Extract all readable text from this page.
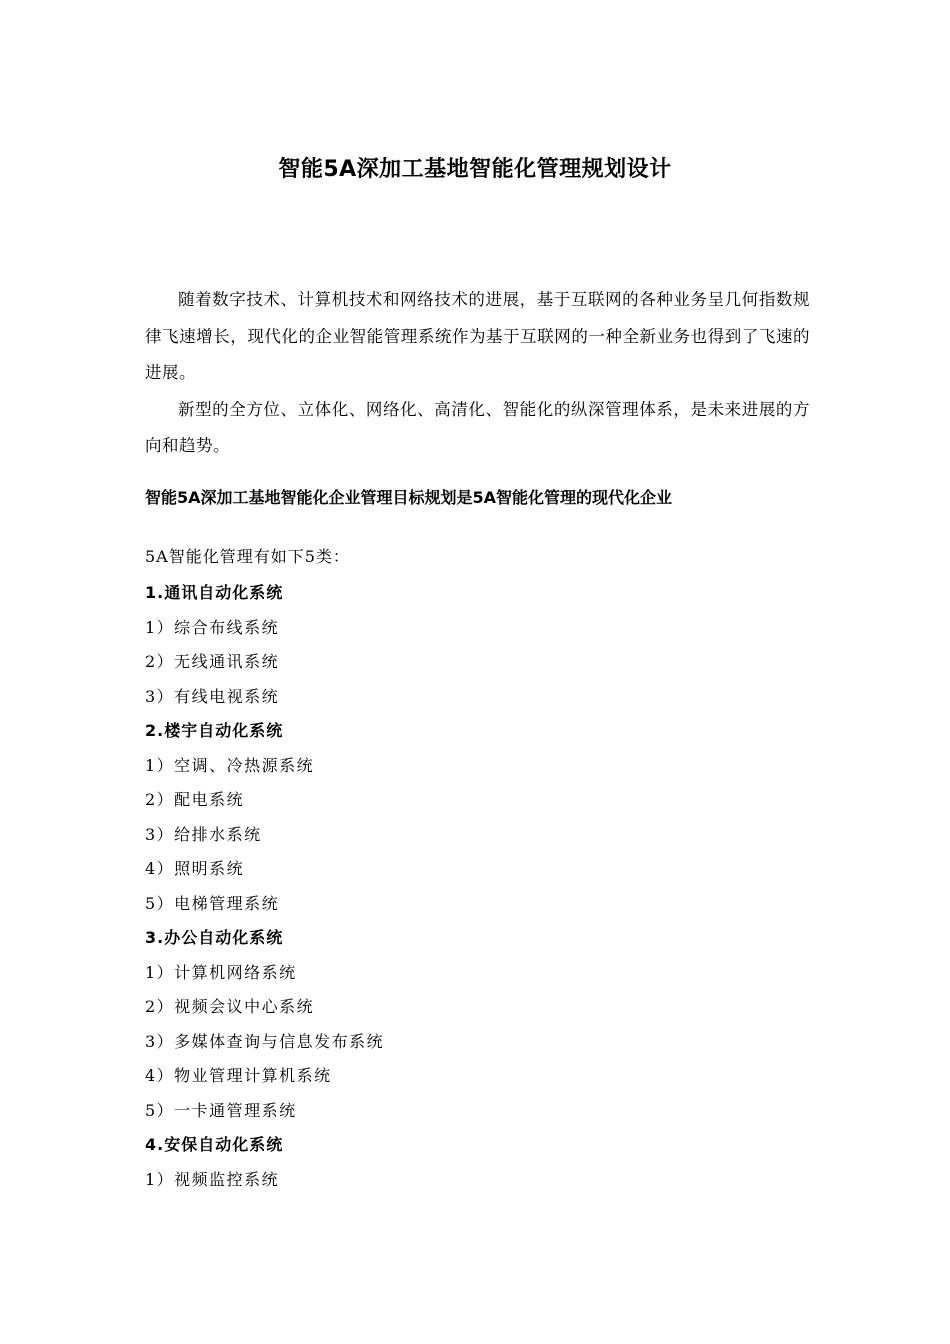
智能5A深加工基地智能化管理规划设计

随着数字技术、计算机技术和网络技术的进展，基于互联网的各种业务呈几何指数规律飞速增长，现代化的企业智能管理系统作为基于互联网的一种全新业务也得到了飞速的进展。

新型的全方位、立体化、网络化、高清化、智能化的纵深管理体系，是未来进展的方向和趋势。

智能5A深加工基地智能化企业管理目标规划是5A智能化管理的现代化企业
5A智能化管理有如下5类：
1.通讯自动化系统
1）综合布线系统
2）无线通讯系统
3）有线电视系统
2.楼宇自动化系统
1）空调、冷热源系统
2）配电系统
3）给排水系统
4）照明系统
5）电梯管理系统
3.办公自动化系统
1）计算机网络系统
2）视频会议中心系统
3）多媒体查询与信息发布系统
4）物业管理计算机系统
5）一卡通管理系统
4.安保自动化系统
1）视频监控系统
